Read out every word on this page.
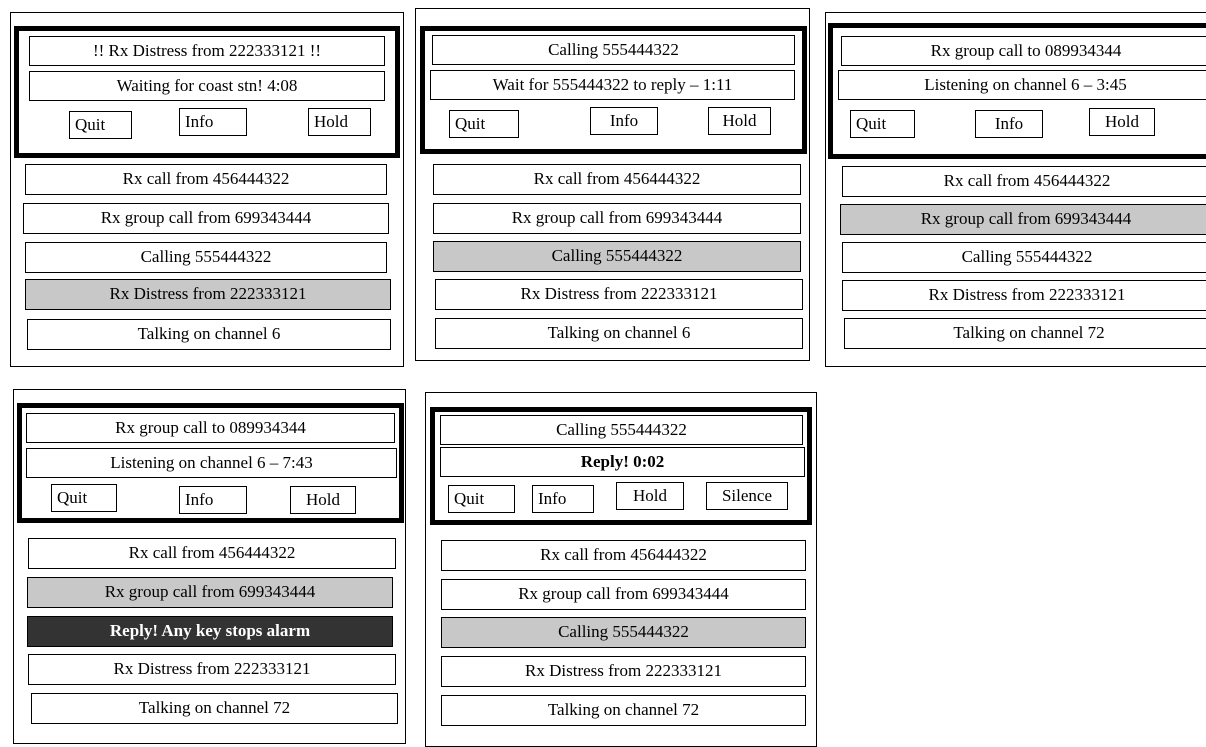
!! Rx Distress from 222333121 !!
Waiting for coast stn! 4:08
Quit	Info	Hold
Rx call from 456444322
Rx group call from 699343444
Calling 555444322
Rx Distress from 222333121
Talking on channel 6
Calling 555444322
Wait for 555444322 to reply – 1:11
Quit	Info	Hold
Rx call from 456444322
Rx group call from 699343444
Calling 555444322
Rx Distress from 222333121
Talking on channel 6
Rx group call to 089934344
Listening on channel 6 – 3:45
Quit	Info	Hold
Rx call from 456444322
Rx group call from 699343444
Calling 555444322
Rx Distress from 222333121
Talking on channel 72
Rx group call to 089934344
Listening on channel 6 – 7:43
Quit	Info	Hold
Rx call from 456444322
Rx group call from 699343444
Reply! Any key stops alarm
Rx Distress from 222333121
Talking on channel 72
Calling 555444322
Reply! 0:02
Quit	Info	Hold	Silence
Rx call from 456444322
Rx group call from 699343444
Calling 555444322
Rx Distress from 222333121
Talking on channel 72
